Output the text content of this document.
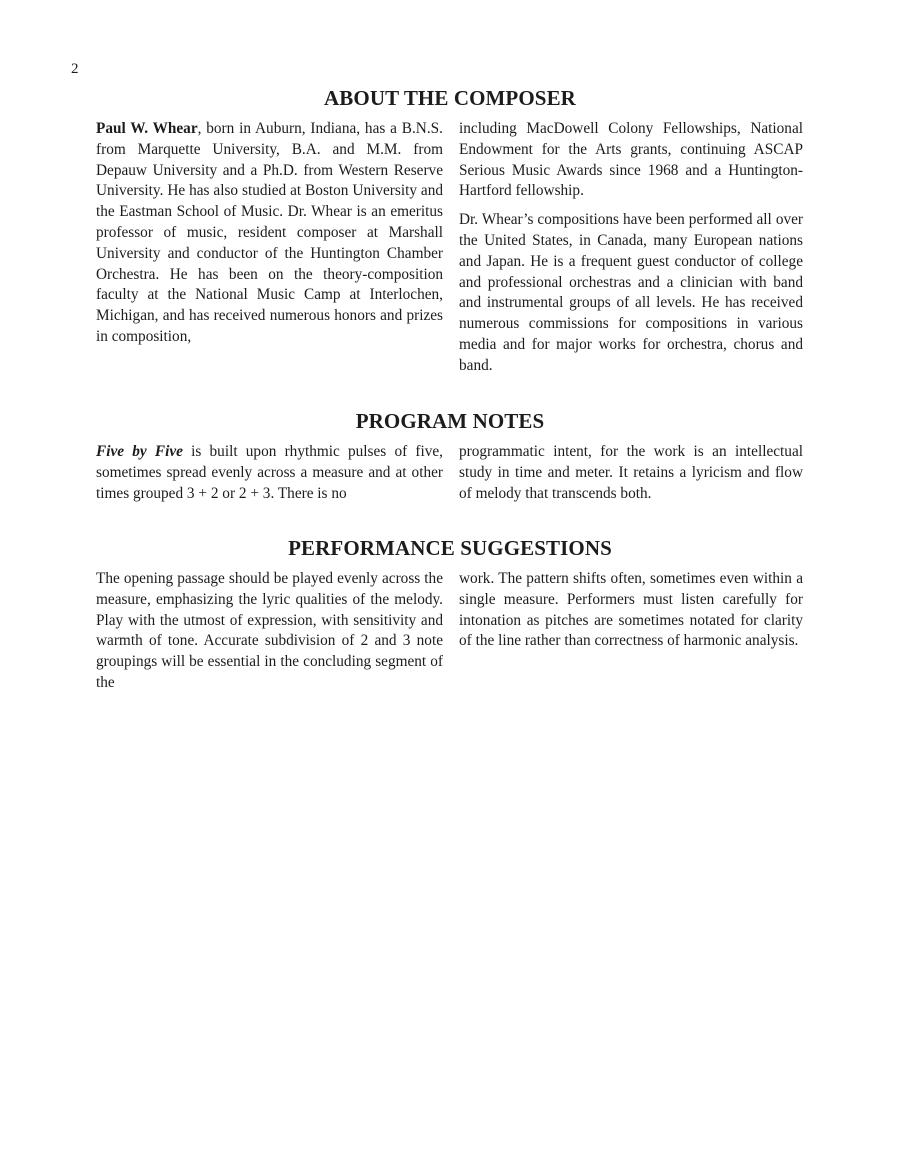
2
ABOUT THE COMPOSER

Paul W. Whear, born in Auburn, Indiana, has a B.N.S. from Marquette University, B.A. and M.M. from Depauw University and a Ph.D. from Western Reserve University. He has also studied at Boston University and the Eastman School of Music. Dr. Whear is an emeritus professor of music, resident composer at Marshall University and conductor of the Huntington Chamber Orchestra. He has been on the theory-composition faculty at the National Music Camp at Interlochen, Michigan, and has received numerous honors and prizes in composition,

including MacDowell Colony Fellowships, National Endowment for the Arts grants, continuing ASCAP Serious Music Awards since 1968 and a Huntington-Hartford fellowship.

Dr. Whear’s compositions have been performed all over the United States, in Canada, many European nations and Japan. He is a frequent guest conductor of college and professional orchestras and a clinician with band and instrumental groups of all levels. He has received numerous commissions for compositions in various media and for major works for orchestra, chorus and band.

PROGRAM NOTES

Five by Five is built upon rhythmic pulses of five, sometimes spread evenly across a measure and at other times grouped 3 + 2 or 2 + 3. There is no

programmatic intent, for the work is an intellectual study in time and meter. It retains a lyricism and flow of melody that transcends both.

PERFORMANCE SUGGESTIONS

The opening passage should be played evenly across the measure, emphasizing the lyric qualities of the melody. Play with the utmost of expression, with sensitivity and warmth of tone. Accurate subdivision of 2 and 3 note groupings will be essential in the concluding segment of the

work. The pattern shifts often, sometimes even within a single measure. Performers must listen carefully for intonation as pitches are sometimes notated for clarity of the line rather than correctness of harmonic analysis.
